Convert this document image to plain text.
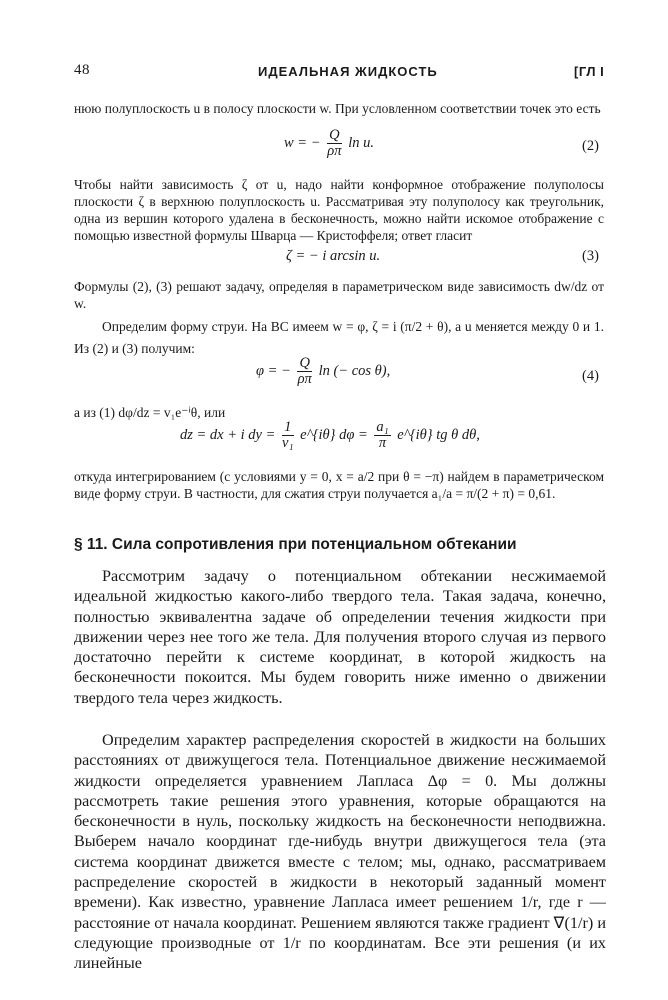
48	ИДЕАЛЬНАЯ ЖИДКОСТЬ	[ГЛ I
нюю полуплоскость u в полосу плоскости w. При условленном соответствии точек это есть
w = − $\frac{Q}{\rho\pi}$ ln u.	(2)
Чтобы найти зависимость ζ от u, надо найти конформное отображение полуполосы плоскости ζ в верхнюю полуплоскость u. Рассматривая эту полуполосу как треугольник, одна из вершин которого удалена в бесконечность, можно найти искомое отображение с помощью известной формулы Шварца — Кристоффеля; ответ гласит
ζ = − i arcsin u.	(3)
Формулы (2), (3) решают задачу, определяя в параметрическом виде зависимость dw/dz от w.
Определим форму струи. На BC имеем w = φ, ζ = i (π/2 + θ), а u меняется между 0 и 1. Из (2) и (3) получим:
φ = − $\frac{Q}{\rho\pi}$ ln (− cos θ),	(4)
а из (1) dφ/dz = v₁e⁻ⁱθ, или
dz = dx + i dy = $\frac{1}{\text{v₁}}$ e^{iθ} $d\varphi = \frac{\text{a₁}}{\pi}$ e^{iθ} tg θ dθ,
откуда интегрированием (с условиями y = 0, x = a/2 при θ = −π) найдем в параметрическом виде форму струи. В частности, для сжатия струи получается a₁/a = π/(2 + π) = 0,61.
§ 11. Сила сопротивления при потенциальном обтекании
Рассмотрим задачу о потенциальном обтекании несжимаемой идеальной жидкостью какого-либо твердого тела. Такая задача, конечно, полностью эквивалентна задаче об определении течения жидкости при движении через нее того же тела. Для получения второго случая из первого достаточно перейти к системе координат, в которой жидкость на бесконечности покоится. Мы будем говорить ниже именно о движении твердого тела через жидкость.
Определим характер распределения скоростей в жидкости на больших расстояниях от движущегося тела. Потенциальное движение несжимаемой жидкости определяется уравнением Лапласа Δφ = 0. Мы должны рассмотреть такие решения этого уравнения, которые обращаются на бесконечности в нуль, поскольку жидкость на бесконечности неподвижна. Выберем начало координат где-нибудь внутри движущегося тела (эта система координат движется вместе с телом; мы, однако, рассматриваем распределение скоростей в жидкости в некоторый заданный момент времени). Как известно, уравнение Лапласа имеет решением 1/r, где r — расстояние от начала координат. Решением являются также градиент ∇(1/r) и следующие производные от 1/r по координатам. Все эти решения (и их линейные
